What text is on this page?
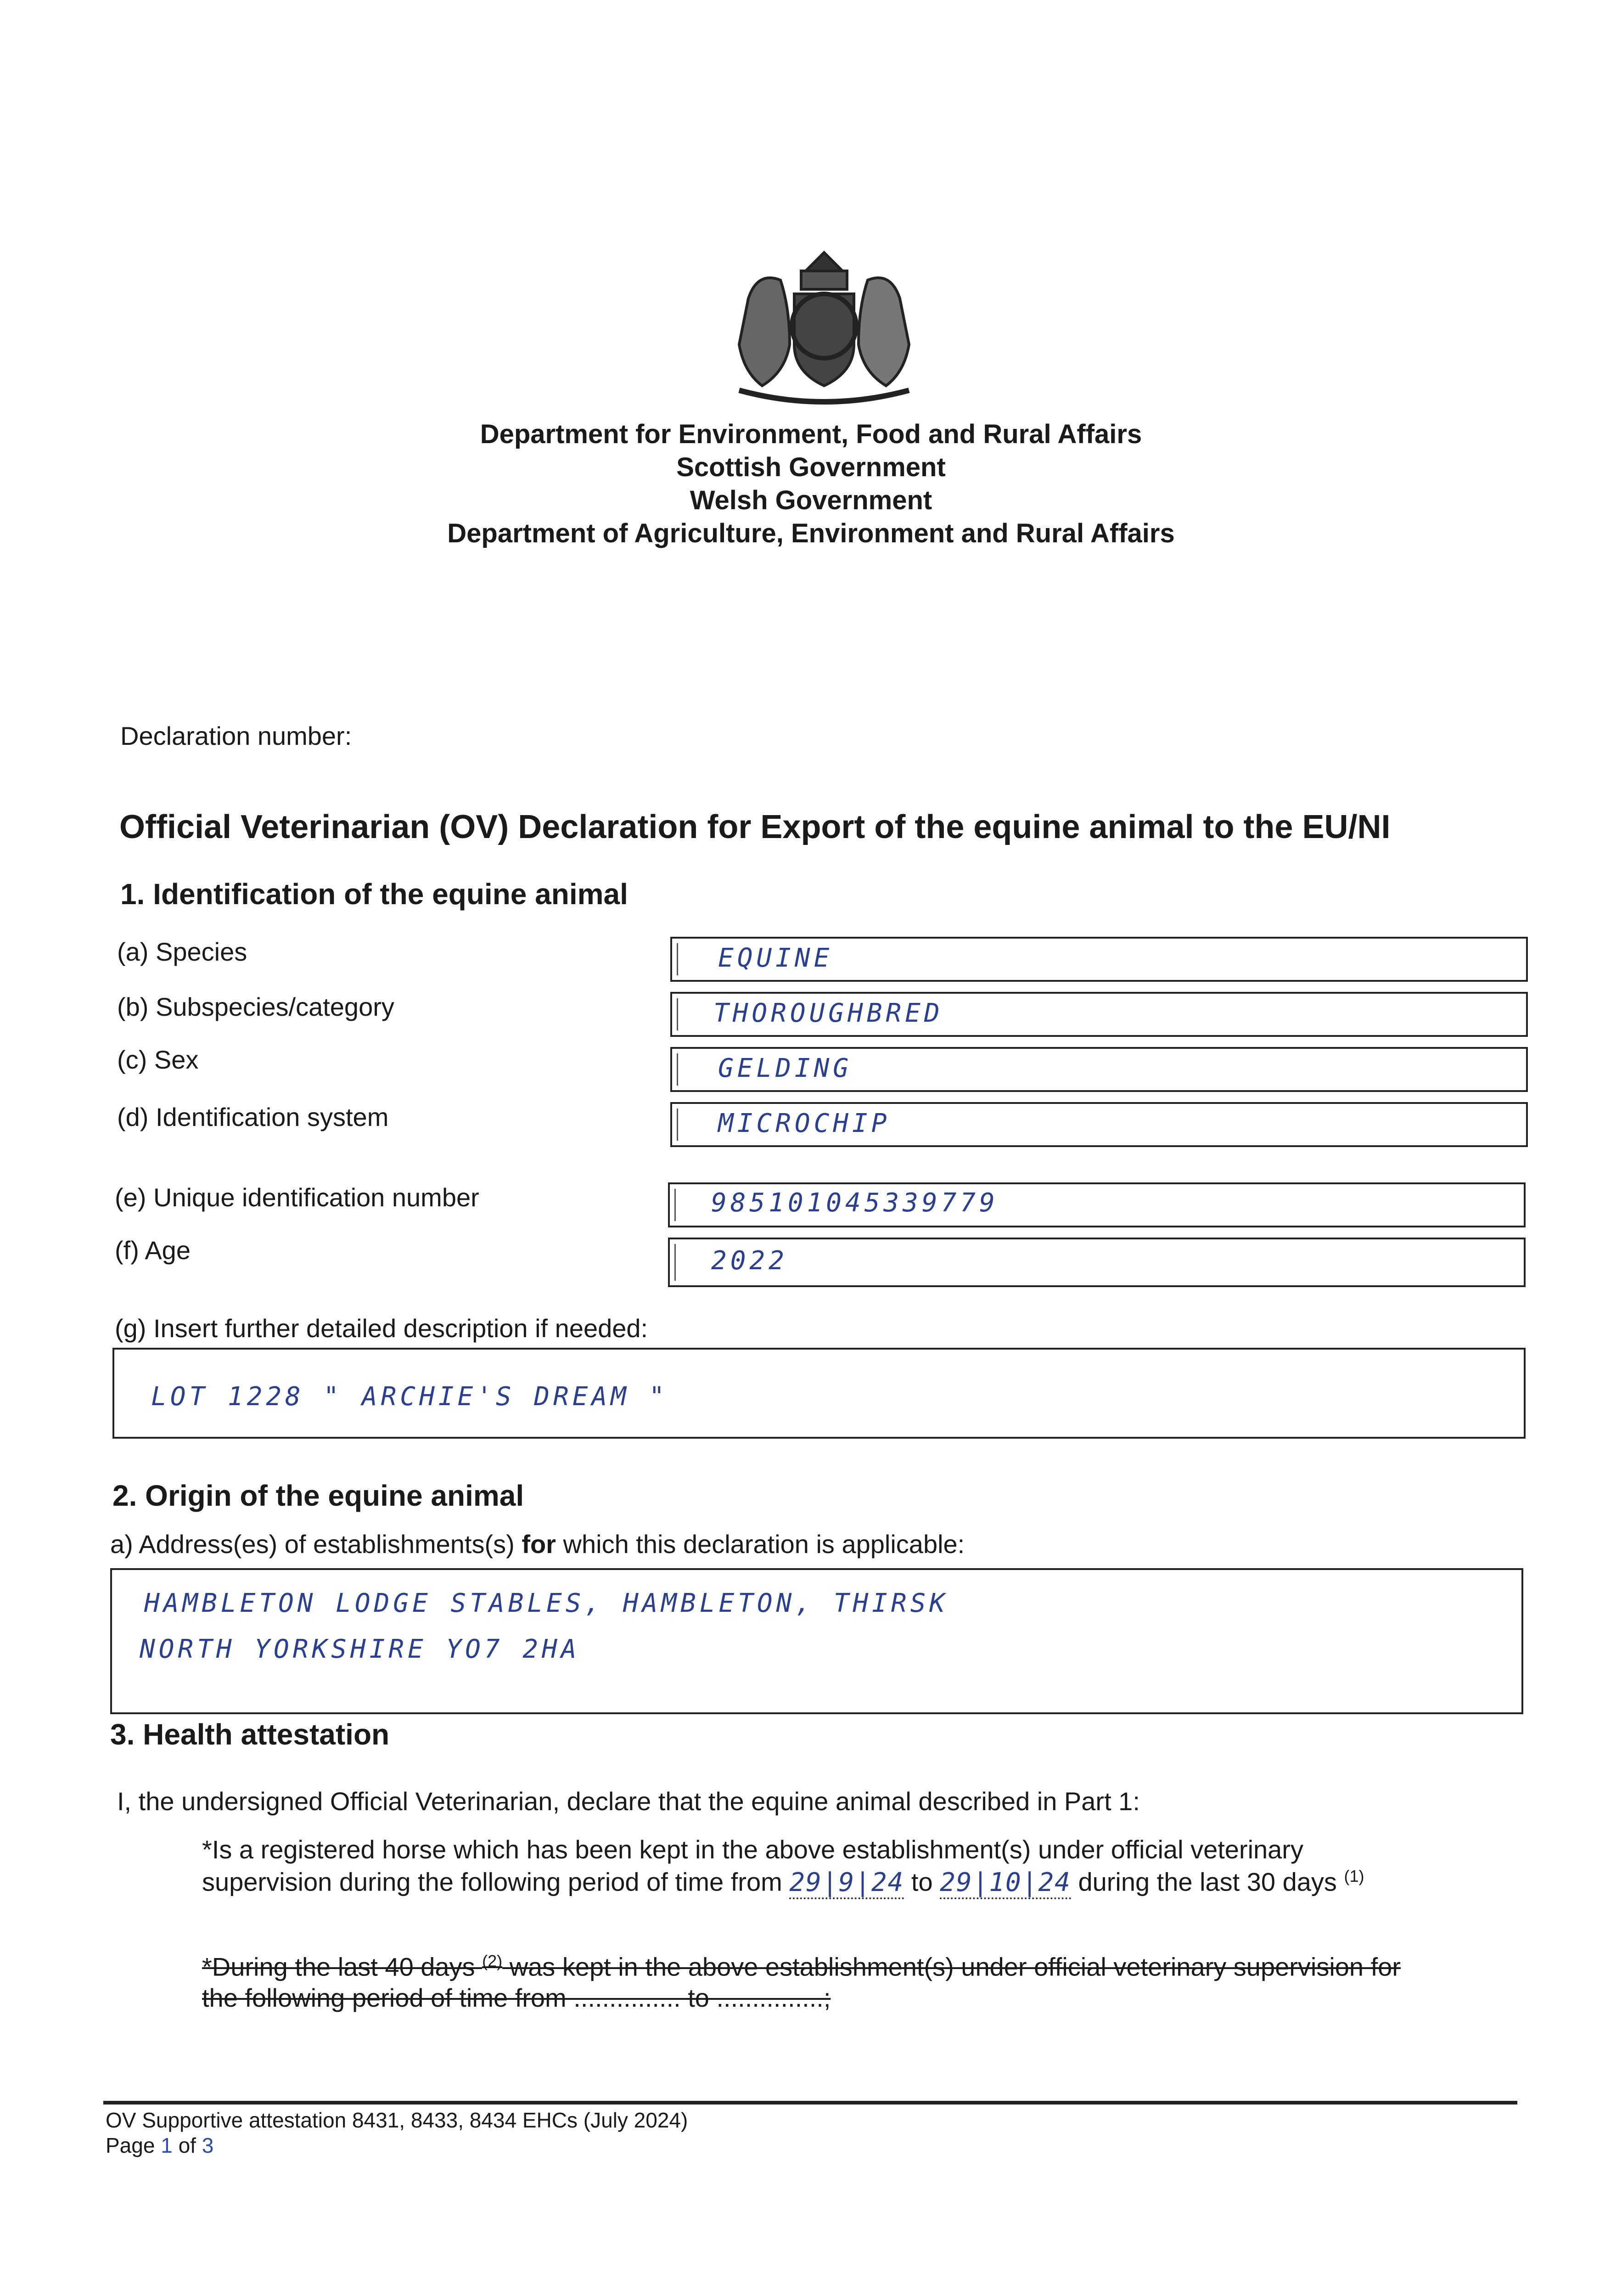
Department for Environment, Food and Rural Affairs
Scottish Government
Welsh Government
Department of Agriculture, Environment and Rural Affairs
Declaration number:
Official Veterinarian (OV) Declaration for Export of the equine animal to the EU/NI
1. Identification of the equine animal
(a) Species	EQUINE
(b) Subspecies/category	THOROUGHBRED
(c) Sex	GELDING
(d) Identification system	MICROCHIP
(e) Unique identification number	985101045339779
(f) Age	2022
(g) Insert further detailed description if needed:
LOT 1228 " ARCHIE'S DREAM "
2. Origin of the equine animal
a) Address(es) of establishments(s) for which this declaration is applicable:
HAMBLETON LODGE STABLES, HAMBLETON, THIRSK
NORTH YORKSHIRE YO7 2HA
3. Health attestation
I, the undersigned Official Veterinarian, declare that the equine animal described in Part 1:
*Is a registered horse which has been kept in the above establishment(s) under official veterinary
supervision during the following period of time from 29|9|24 to 29|10|24 during the last 30 days $^{(1)}$
*During the last 40 days $^{(2)}$ was kept in the above establishment(s) under official veterinary supervision for
the following period of time from ............... to ...............;
OV Supportive attestation 8431, 8433, 8434 EHCs (July 2024)
Page 1 of 3
